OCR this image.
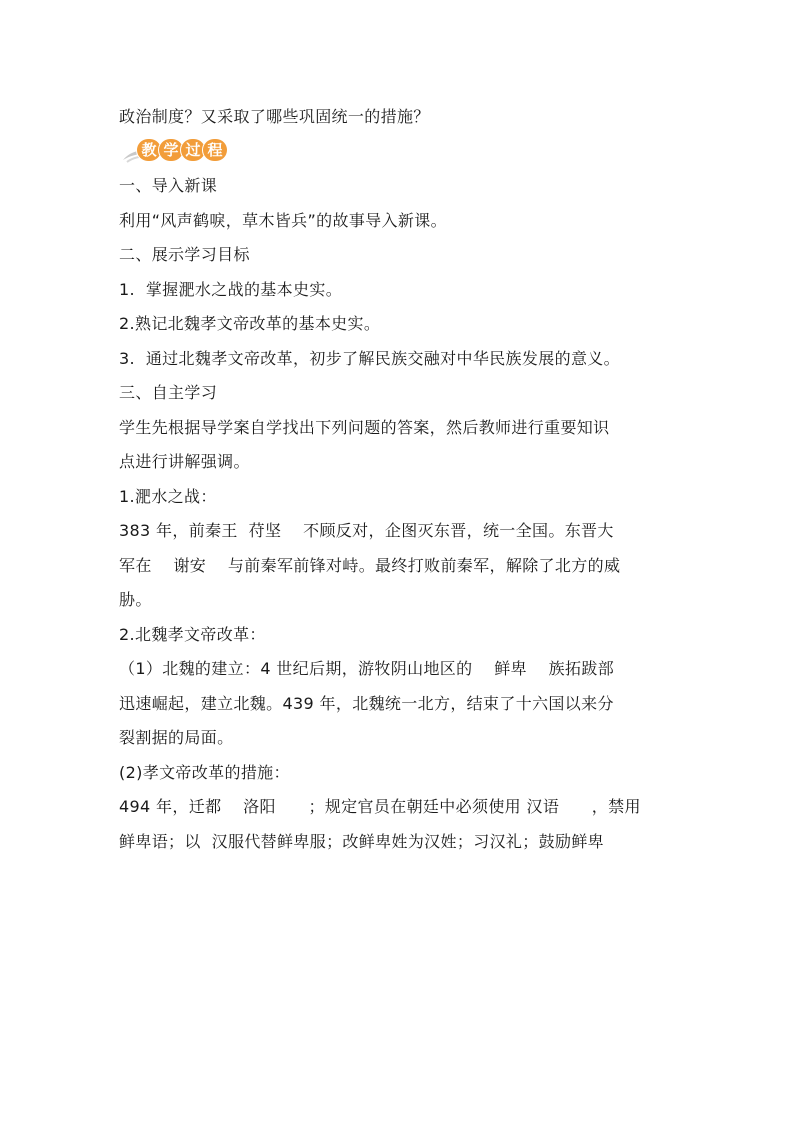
政治制度？又采取了哪些巩固统一的措施？
教 学 过 程
一、导入新课
利用“风声鹤唳，草木皆兵”的故事导入新课。
二、展示学习目标
1.  掌握淝水之战的基本史实。
2.熟记北魏孝文帝改革的基本史实。
3.  通过北魏孝文帝改革，初步了解民族交融对中华民族发展的意义。
三、自主学习
学生先根据导学案自学找出下列问题的答案，然后教师进行重要知识
点进行讲解强调。
1.淝水之战：
383 年，前秦王  苻坚    不顾反对，企图灭东晋，统一全国。东晋大
军在    谢安    与前秦军前锋对峙。最终打败前秦军，解除了北方的威
胁。
2.北魏孝文帝改革：
（1）北魏的建立：4 世纪后期，游牧阴山地区的    鲜卑    族拓跋部
迅速崛起，建立北魏。439 年，北魏统一北方，结束了十六国以来分
裂割据的局面。
(2)孝文帝改革的措施：
494 年，迁都    洛阳      ；规定官员在朝廷中必须使用 汉语      ，禁用
鲜卑语；以  汉服代替鲜卑服；改鲜卑姓为汉姓；习汉礼；鼓励鲜卑
